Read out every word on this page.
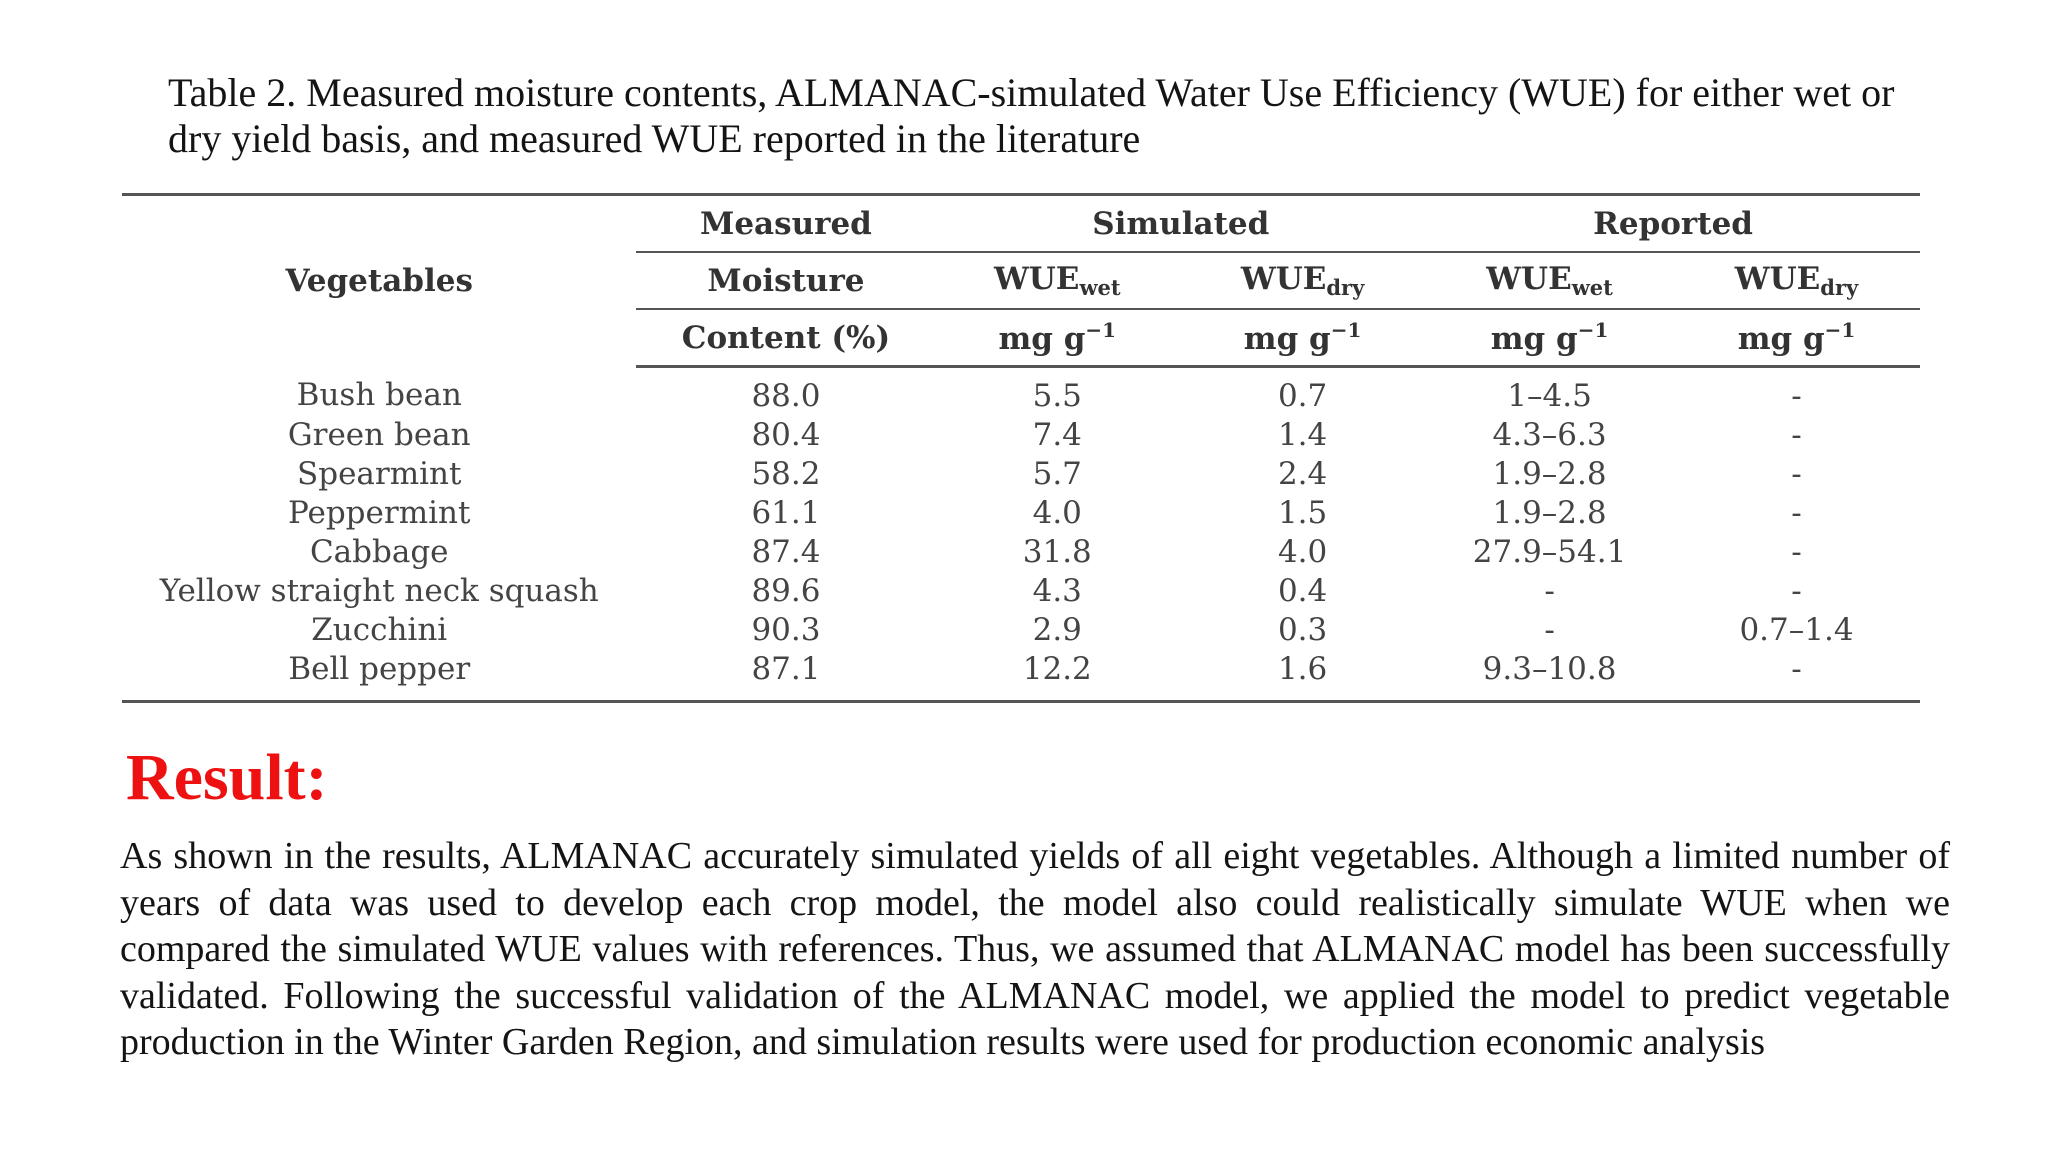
Table 2. Measured moisture contents, ALMANAC-simulated Water Use Efficiency (WUE) for either wet or dry yield basis, and measured WUE reported in the literature
Vegetables	Measured	Simulated		Reported	
	Moisture	WUEwet	WUEdry	WUEwet	WUEdry
	Content (%)	mg $g^{-1}$	mg $g^{-1}$	mg $g^{-1}$	mg $g^{-1}$
Bush bean	88.0	5.5	0.7	1–4.5	-
Green bean	80.4	7.4	1.4	4.3–6.3	-
Spearmint	58.2	5.7	2.4	1.9–2.8	-
Peppermint	61.1	4.0	1.5	1.9–2.8	-
Cabbage	87.4	31.8	4.0	27.9–54.1	-
Yellow straight neck squash	89.6	4.3	0.4	-	-
Zucchini	90.3	2.9	0.3	-	0.7–1.4
Bell pepper	87.1	12.2	1.6	9.3–10.8	-
Result:
As shown in the results, ALMANAC accurately simulated yields of all eight vegetables. Although a limited number of years of data was used to develop each crop model, the model also could realistically simulate WUE when we compared the simulated WUE values with references. Thus, we assumed that ALMANAC model has been successfully validated. Following the successful validation of the ALMANAC model, we applied the model to predict vegetable production in the Winter Garden Region, and simulation results were used for production economic analysis
